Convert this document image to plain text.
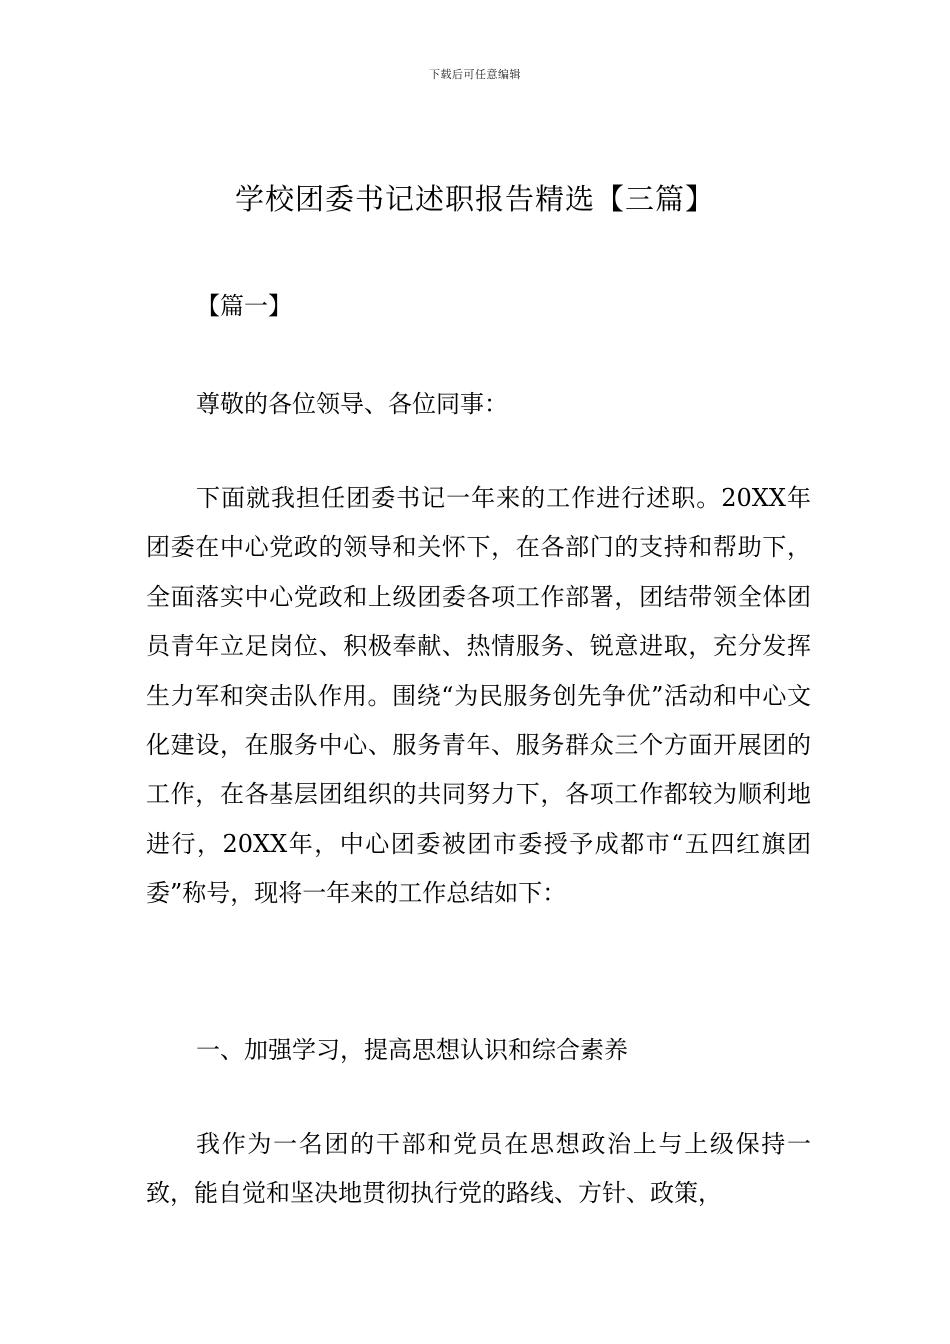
下载后可任意编辑
学校团委书记述职报告精选【三篇】
【篇一】
尊敬的各位领导、各位同事：

下面就我担任团委书记一年来的工作进行述职。20XX年团委在中心党政的领导和关怀下，在各部门的支持和帮助下，全面落实中心党政和上级团委各项工作部署，团结带领全体团员青年立足岗位、积极奉献、热情服务、锐意进取，充分发挥生力军和突击队作用。围绕“为民服务创先争优”活动和中心文化建设，在服务中心、服务青年、服务群众三个方面开展团的工作，在各基层团组织的共同努力下，各项工作都较为顺利地进行，20XX年，中心团委被团市委授予成都市“五四红旗团委”称号，现将一年来的工作总结如下：

一、加强学习，提高思想认识和综合素养

我作为一名团的干部和党员在思想政治上与上级保持一致，能自觉和坚决地贯彻执行党的路线、方针、政策，
